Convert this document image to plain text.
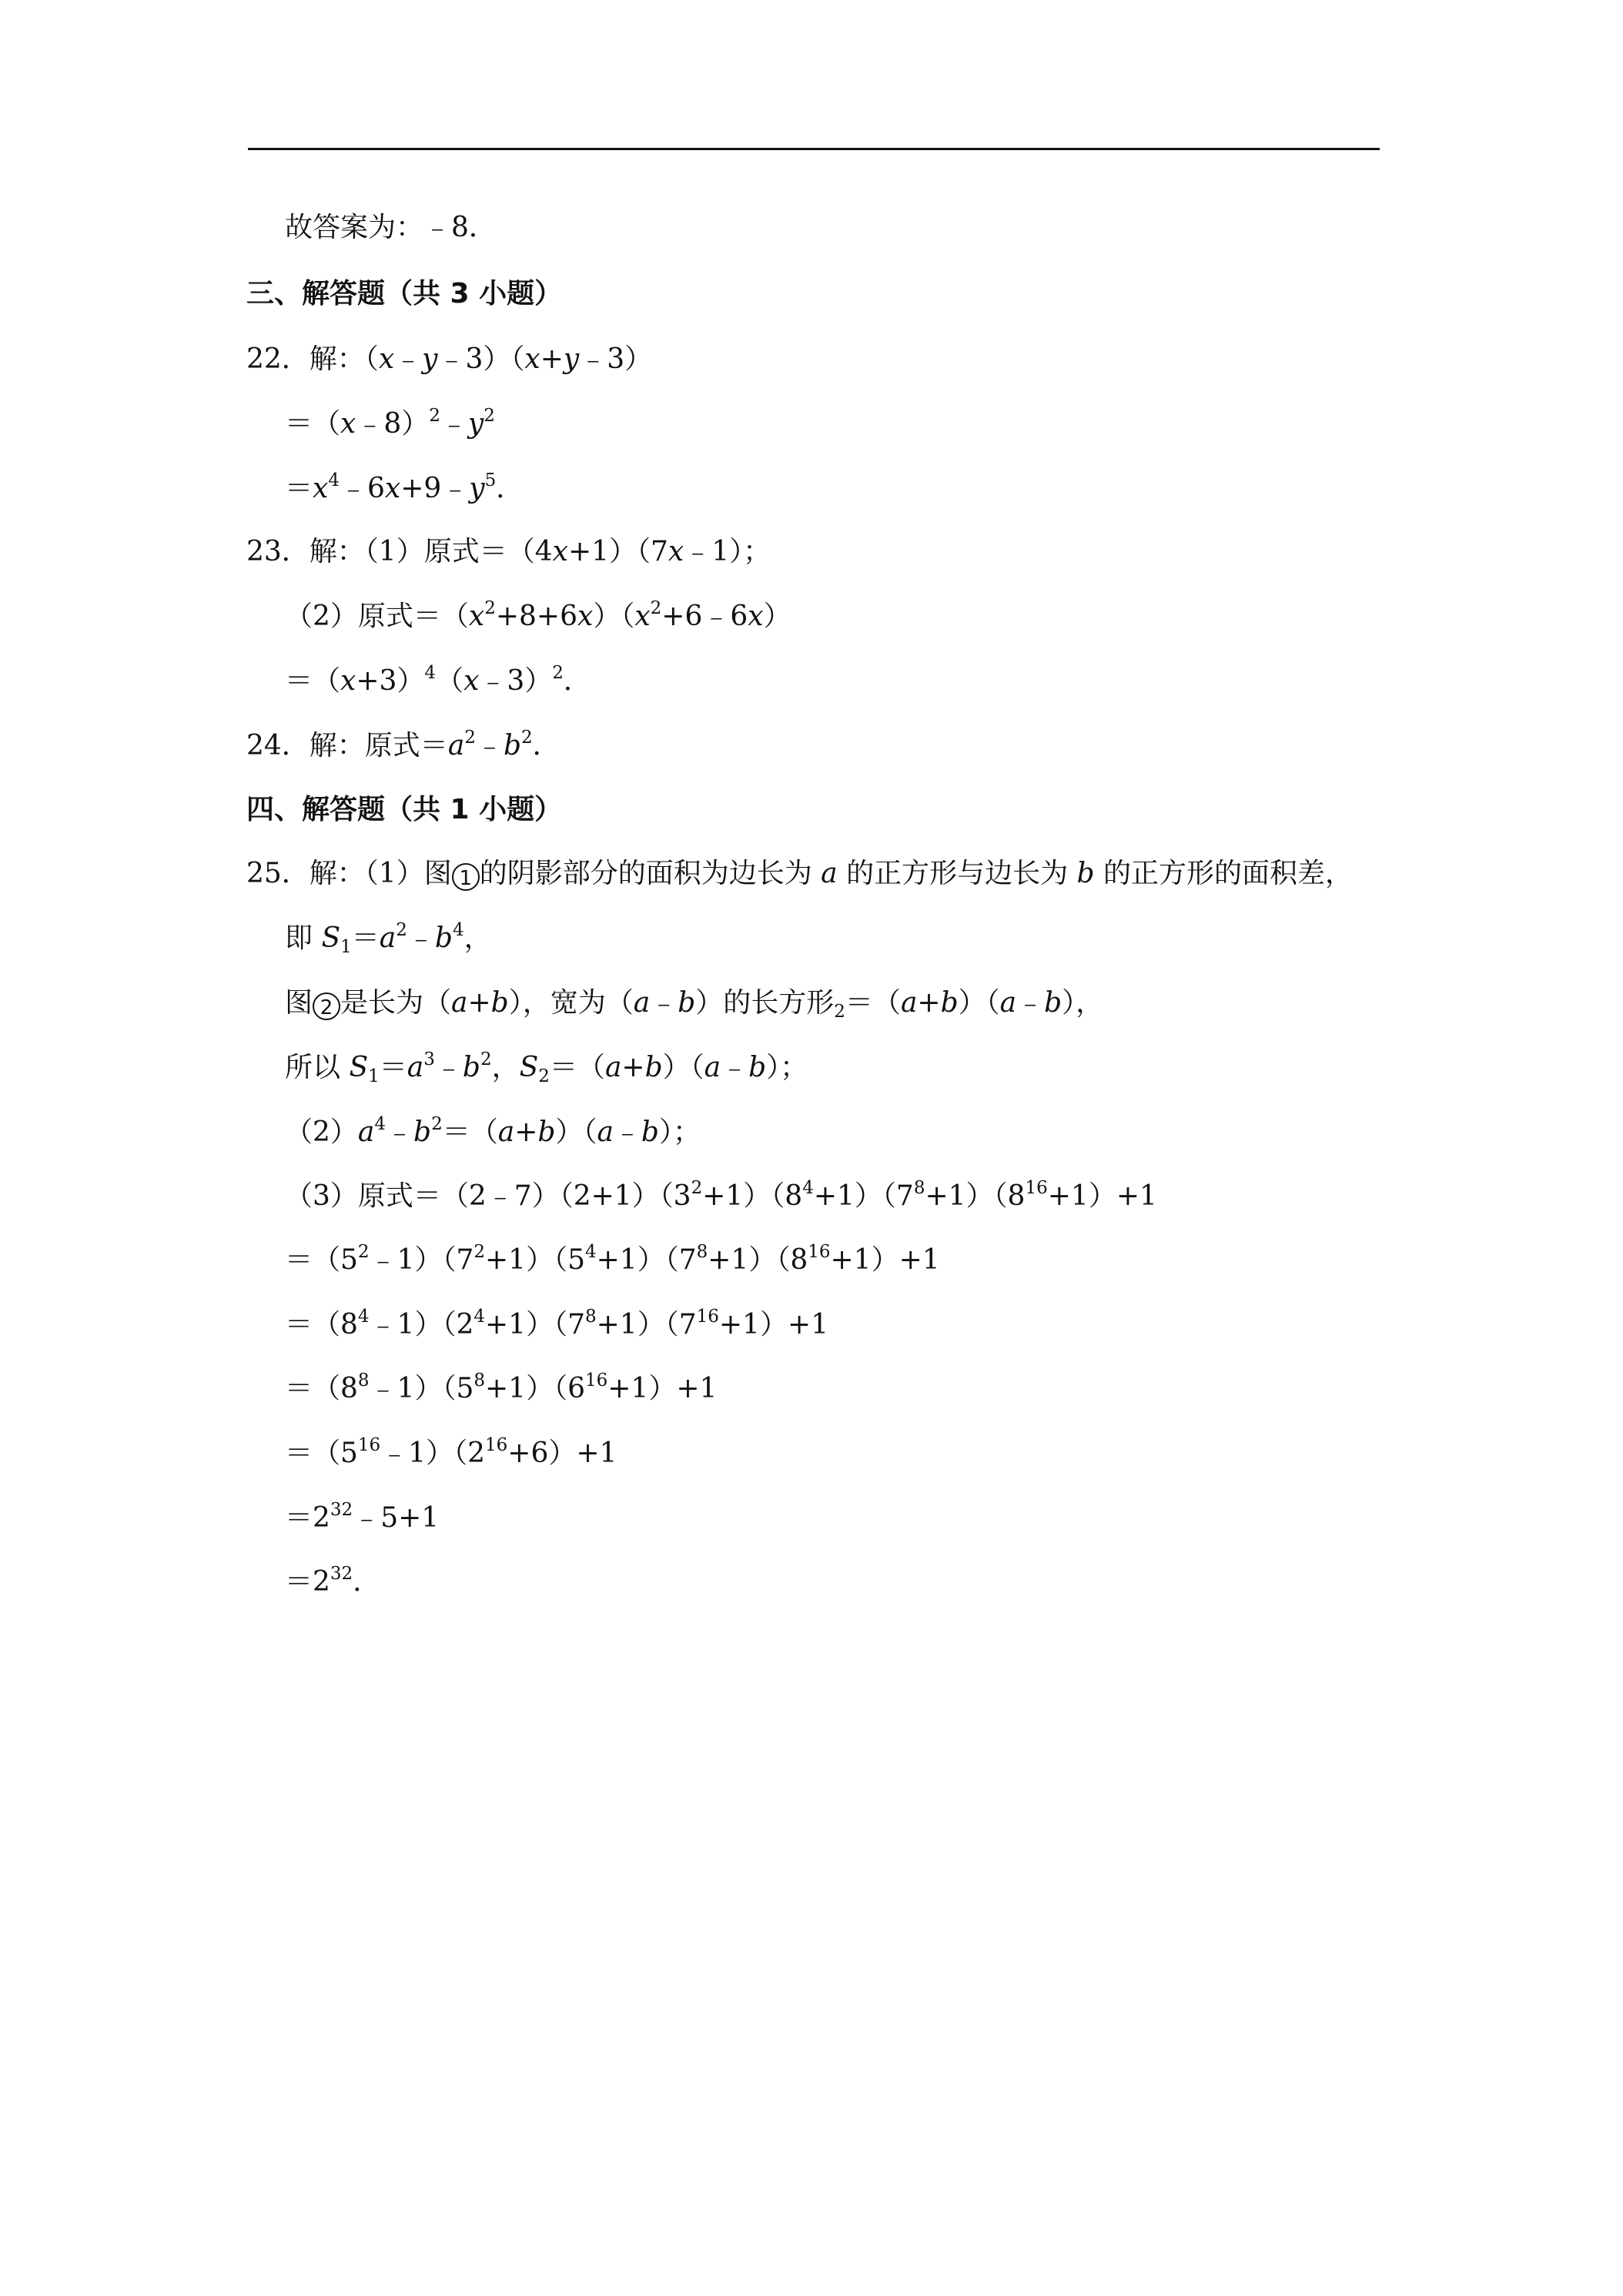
故答案为：﹣8．
三、解答题（共 3 小题）
22．解：（x﹣y﹣3）（x+y﹣3）
$=(x﹣8)^2﹣y^2$
$=x^4﹣6x+9﹣y^5$．
23．解：（1）原式＝（4x+1）（7x﹣1）；
（2）原式$=(x^2+8+6x)(x^2+6﹣6x)$
$=(x+3)^4(x﹣3)^2$．
24．解：原式$=a^2﹣b^2$．
四、解答题（共 1 小题）
25．解：（1）图 1 的阴影部分的面积为边长为 a 的正方形与边长为 b 的正方形的面积差，
即 $S_1=a^2﹣b^4$，
图 2 是长为（a+b），宽为（a﹣b）的长方形$_2$＝（a+b）（a﹣b），
所以 $S_1=a^3﹣b^2$，$S_2=(a+b)(a﹣b)$；
$(2)a^4﹣b^2=(a+b)(a﹣b)$；
（3）原式$=(2﹣7)(2+1)(3^2+1)(8^4+1)(7^8+1)(8^{16}+1)+1$
$=(5^2﹣1)(7^2+1)(5^4+1)(7^8+1)(8^{16}+1)+1$
$=(8^4﹣1)(2^4+1)(7^8+1)(7^{16}+1)+1$
$=(8^8﹣1)(5^8+1)(6^{16}+1)+1$
$=(5^{16}﹣1)(2^{16}+6)+1$
$=2^{32}﹣5+1$
$=2^{32}$．
